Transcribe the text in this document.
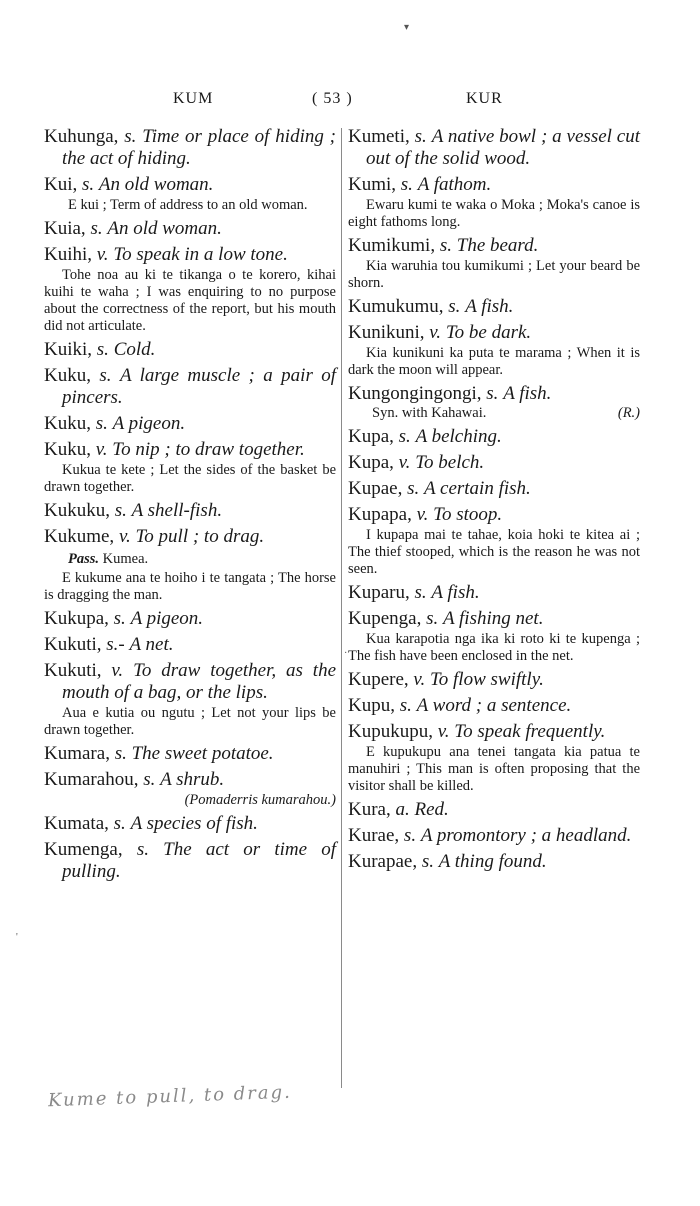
KUM	( 53 )	KUR
▾
·
'
Kuhunga, s. Time or place of hiding ; the act of hiding.
Kui, s. An old woman.
E kui ; Term of address to an old woman.
Kuia, s. An old woman.
Kuihi, v. To speak in a low tone.
Tohe noa au ki te tikanga o te korero, kihai kuihi te waha ; I was enquiring to no purpose about the correctness of the report, but his mouth did not articulate.
Kuiki, s. Cold.
Kuku, s. A large muscle ; a pair of pincers.
Kuku, s. A pigeon.
Kuku, v. To nip ; to draw together.
Kukua te kete ; Let the sides of the basket be drawn together.
Kukuku, s. A shell-fish.
Kukume, v. To pull ; to drag.
Pass. Kumea.
E kukume ana te hoiho i te tangata ; The horse is dragging the man.
Kukupa, s. A pigeon.
Kukuti, s.- A net.
Kukuti, v. To draw together, as the mouth of a bag, or the lips.
Aua e kutia ou ngutu ; Let not your lips be drawn together.
Kumara, s. The sweet potatoe.
Kumarahou, s. A shrub.
(Pomaderris kumarahou.)
Kumata, s. A species of fish.
Kumenga, s. The act or time of pulling.
Kumeti, s. A native bowl ; a vessel cut out of the solid wood.
Kumi, s. A fathom.
Ewaru kumi te waka o Moka ; Moka's canoe is eight fathoms long.
Kumikumi, s. The beard.
Kia waruhia tou kumikumi ; Let your beard be shorn.
Kumukumu, s. A fish.
Kunikuni, v. To be dark.
Kia kunikuni ka puta te marama ; When it is dark the moon will appear.
Kungongingongi, s. A fish.
Syn. with Kahawai.	(R.)
Kupa, s. A belching.
Kupa, v. To belch.
Kupae, s. A certain fish.
Kupapa, v. To stoop.
I kupapa mai te tahae, koia hoki te kitea ai ; The thief stooped, which is the reason he was not seen.
Kuparu, s. A fish.
Kupenga, s. A fishing net.
Kua karapotia nga ika ki roto ki te kupenga ; The fish have been enclosed in the net.
Kupere, v. To flow swiftly.
Kupu, s. A word ; a sentence.
Kupukupu, v. To speak frequently.
E kupukupu ana tenei tangata kia patua te manuhiri ; This man is often proposing that the visitor shall be killed.
Kura, a. Red.
Kurae, s. A promontory ; a headland.
Kurapae, s. A thing found.
Kume to pull, to drag.
